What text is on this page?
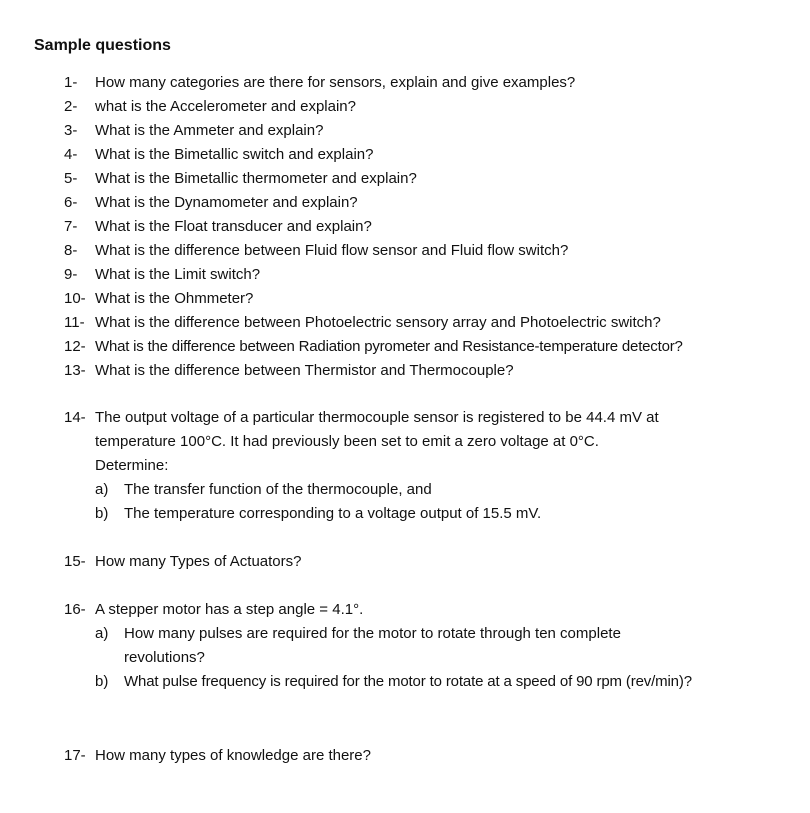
Sample questions
1- How many categories are there for sensors, explain and give examples?
2- what is the Accelerometer and explain?
3- What is the Ammeter and explain?
4- What is the Bimetallic switch and explain?
5- What is the Bimetallic thermometer and explain?
6- What is the Dynamometer and explain?
7- What is the Float transducer and explain?
8- What is the difference between Fluid flow sensor and Fluid flow switch?
9- What is the Limit switch?
10- What is the Ohmmeter?
11- What is the difference between Photoelectric sensory array and Photoelectric switch?
12- What is the difference between Radiation pyrometer and Resistance-temperature detector?
13- What is the difference between Thermistor and Thermocouple?
14- The output voltage of a particular thermocouple sensor is registered to be 44.4 mV at
temperature 100°C. It had previously been set to emit a zero voltage at 0°C.
Determine:
a) The transfer function of the thermocouple, and
b) The temperature corresponding to a voltage output of 15.5 mV.
15- How many Types of Actuators?
16- A stepper motor has a step angle = 4.1°.
a) How many pulses are required for the motor to rotate through ten complete
revolutions?
b) What pulse frequency is required for the motor to rotate at a speed of 90 rpm (rev/min)?
17- How many types of knowledge are there?
